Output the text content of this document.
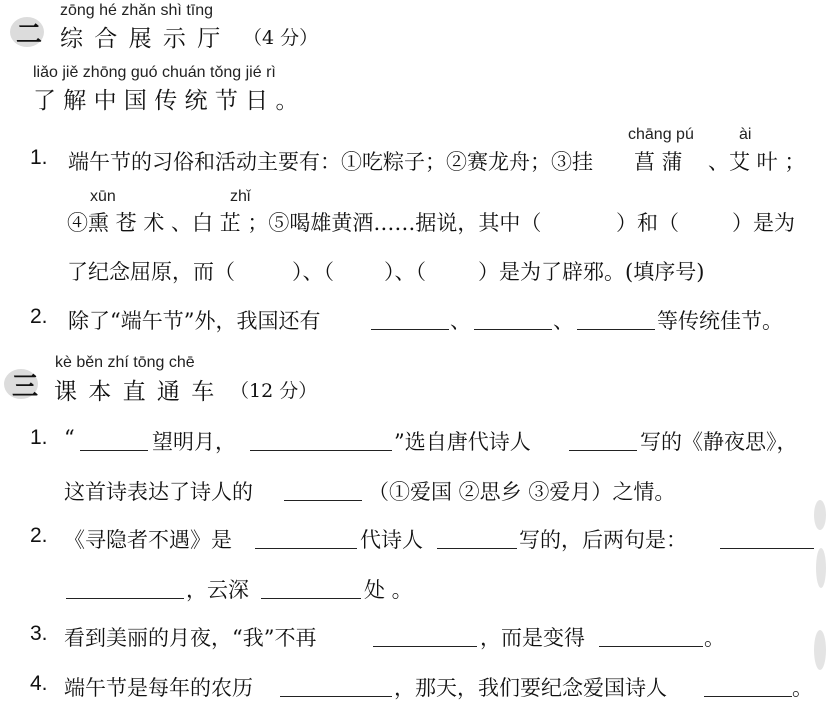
二
zōng hé zhǎn shì tīng
综 合 展 示 厅 （4 分）
liǎo jiě zhōng guó chuán tǒng jié rì
了 解 中 国 传 统 节 日 。
1. 端午节的习俗和活动主要有：①吃粽子；②赛龙舟；③挂
chāng pú
菖 蒲
ài
、艾 叶 ；
xūn	zhǐ
④熏 苍 术 、白 芷 ；⑤喝雄黄酒……据说，其中（	）和（	）是为
了纪念屈原，而（	）、（ ）、（ ）是为了辟邪。(填序号)
2. 除了“端午节”外，我国还有	、	、	等传统佳节。
三
kè běn zhí tōng chē
课 本 直 通 车 （12 分）
1. “	望明月，	”选自唐代诗人	写的《静夜思》，
这首诗表达了诗人的	（①爱国 ②思乡 ③爱月）之情。
2. 《寻隐者不遇》是	代诗人	写的，后两句是：
，云深	处 。
3. 看到美丽的月夜，“我”不再	，而是变得	。
4. 端午节是每年的农历	，那天，我们要纪念爱国诗人	。
